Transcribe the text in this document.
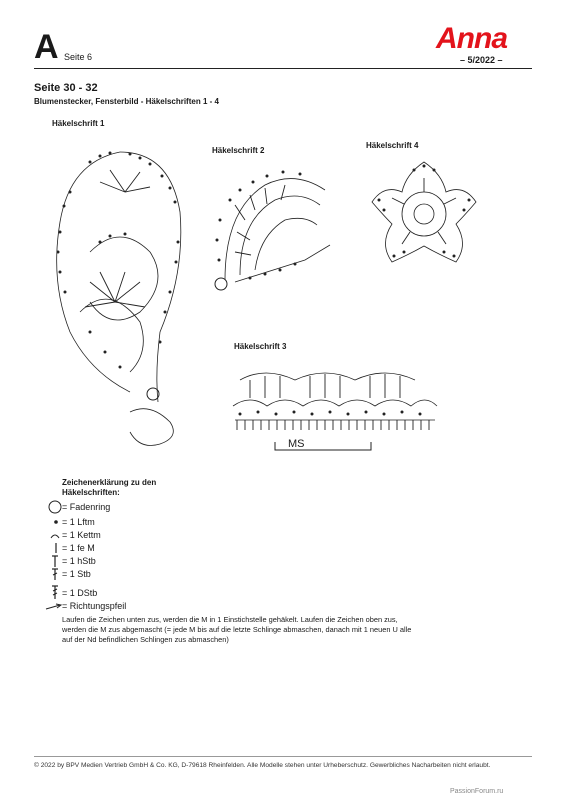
A Seite 6
Anna
– 5/2022 –
Seite 30 - 32
Blumenstecker, Fensterbild - Häkelschriften 1 - 4
Häkelschrift 1
Häkelschrift 2
Häkelschrift 4
Häkelschrift 3
MS
Zeichenerklärung zu den Häkelschriften:
= Fadenring
= 1 Lftm
= 1 Kettm
= 1 fe M
= 1 hStb
= 1 Stb
= 1 DStb
= Richtungspfeil
Laufen die Zeichen unten zus, werden die M in 1 Einstichstelle gehäkelt. Laufen die Zeichen oben zus, werden die M zus abgemascht (= jede M bis auf die letzte Schlinge abmaschen, danach mit 1 neuen U alle auf der Nd befindlichen Schlingen zus abmaschen)
© 2022 by BPV Medien Vertrieb GmbH & Co. KG, D-79618 Rheinfelden. Alle Modelle stehen unter Urheberschutz. Gewerbliches Nacharbeiten nicht erlaubt.
PassionForum.ru
